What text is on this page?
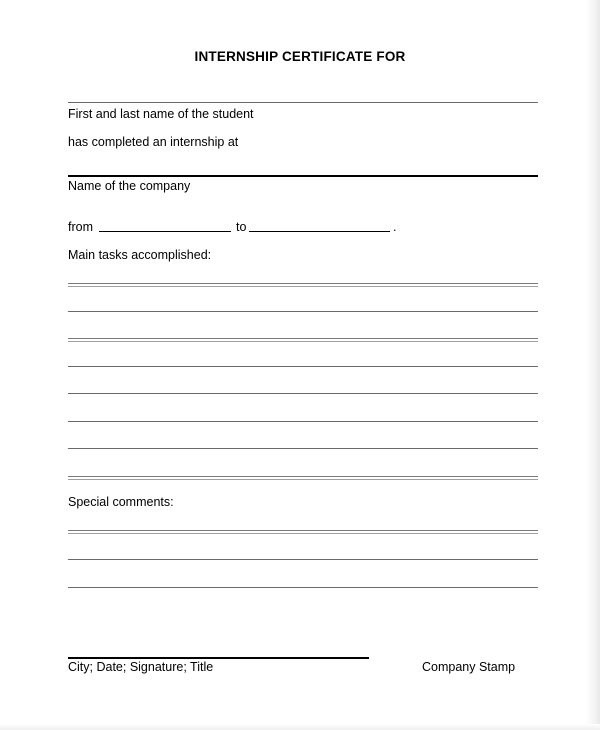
INTERNSHIP CERTIFICATE FOR
First and last name of the student
has completed an internship at
Name of the company
from	to	.
Main tasks accomplished:
Special comments:
City; Date; Signature; Title	Company Stamp
